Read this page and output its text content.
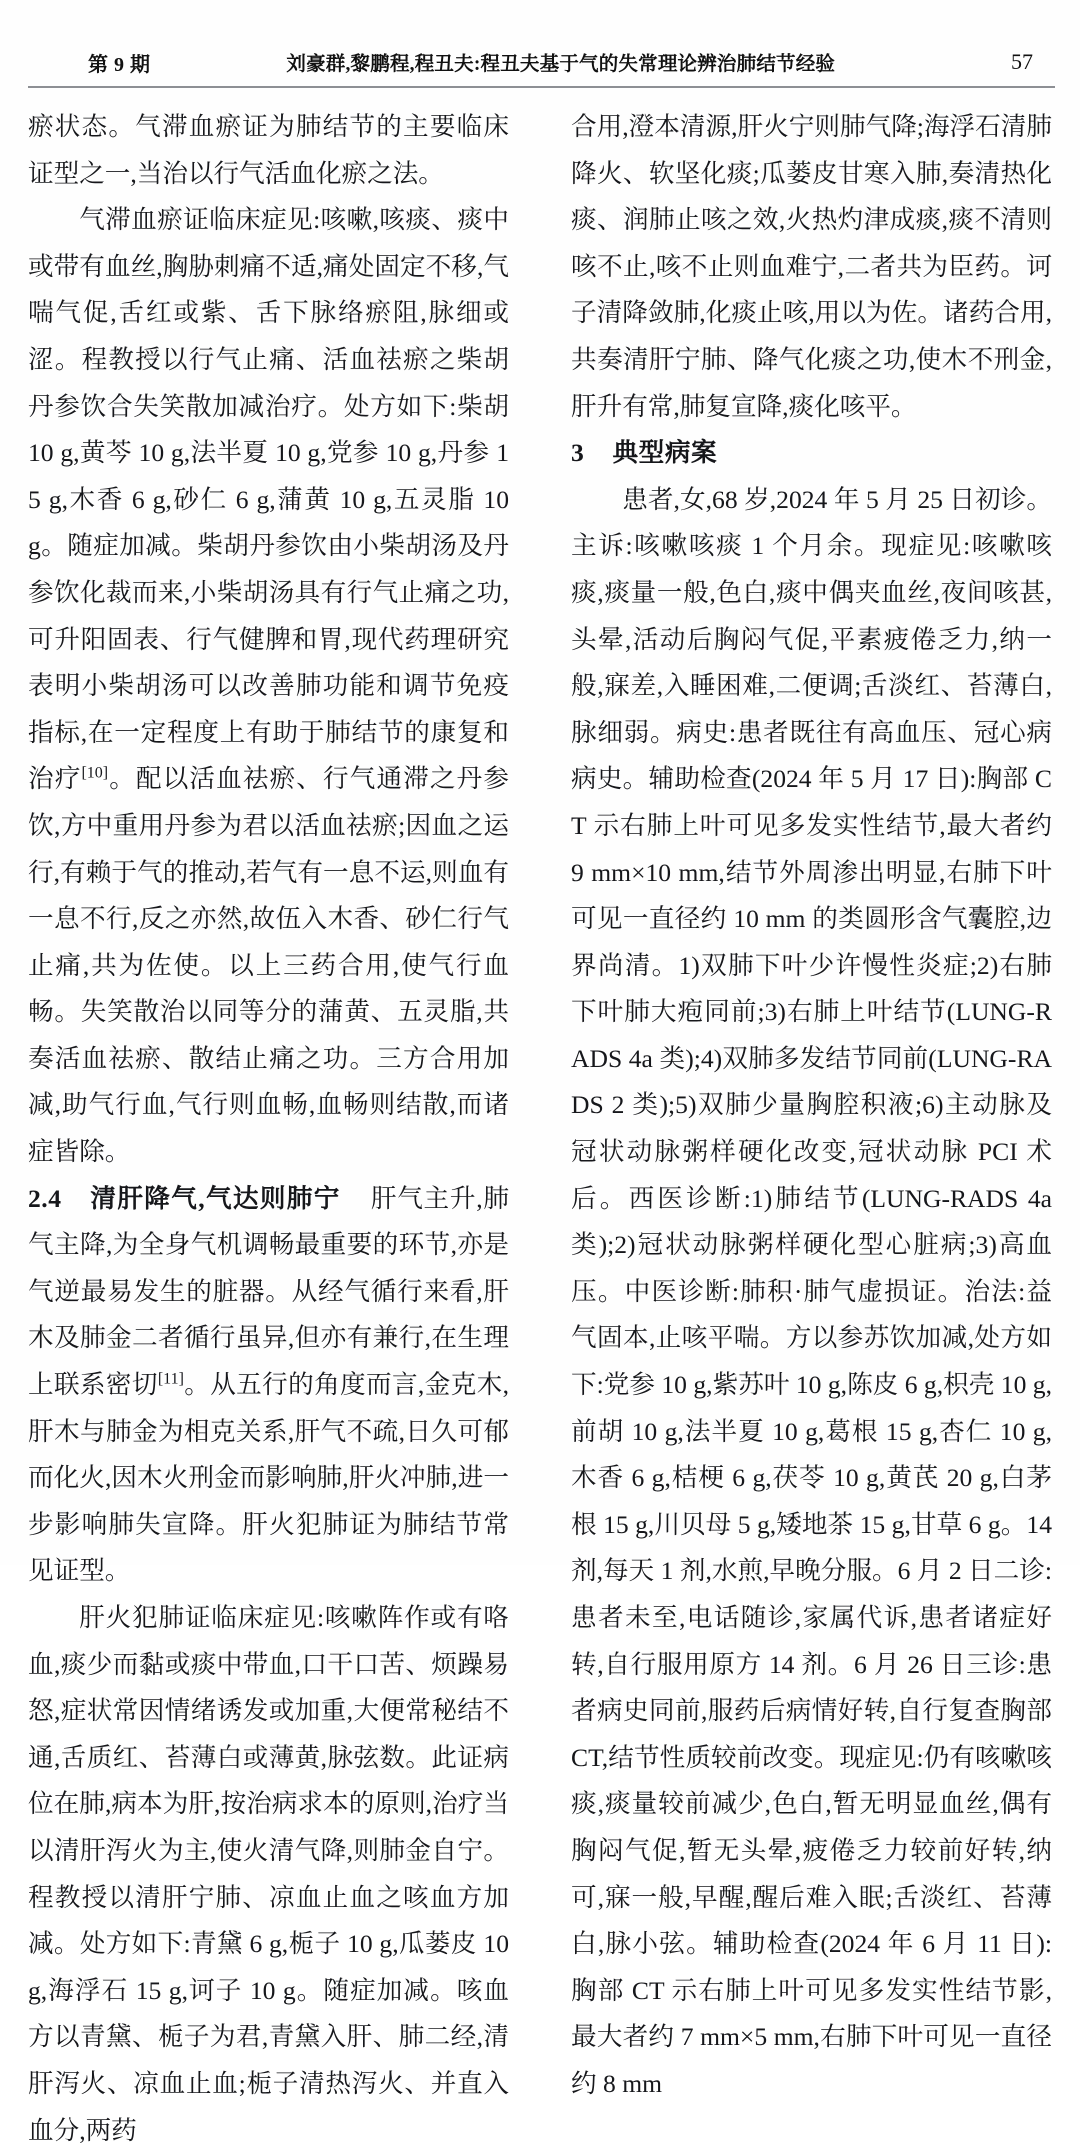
第 9 期	刘豪群,黎鹏程,程丑夫:程丑夫基于气的失常理论辨治肺结节经验	57

瘀状态。气滞血瘀证为肺结节的主要临床证型之一,当治以行气活血化瘀之法。

气滞血瘀证临床症见:咳嗽,咳痰、痰中或带有血丝,胸胁刺痛不适,痛处固定不移,气喘气促,舌红或紫、舌下脉络瘀阻,脉细或涩。程教授以行气止痛、活血祛瘀之柴胡丹参饮合失笑散加减治疗。处方如下:柴胡 10 g,黄芩 10 g,法半夏 10 g,党参 10 g,丹参 15 g,木香 6 g,砂仁 6 g,蒲黄 10 g,五灵脂 10 g。随症加减。柴胡丹参饮由小柴胡汤及丹参饮化裁而来,小柴胡汤具有行气止痛之功,可升阳固表、行气健脾和胃,现代药理研究表明小柴胡汤可以改善肺功能和调节免疫指标,在一定程度上有助于肺结节的康复和治疗[10]。配以活血祛瘀、行气通滞之丹参饮,方中重用丹参为君以活血祛瘀;因血之运行,有赖于气的推动,若气有一息不运,则血有一息不行,反之亦然,故伍入木香、砂仁行气止痛,共为佐使。以上三药合用,使气行血畅。失笑散治以同等分的蒲黄、五灵脂,共奏活血祛瘀、散结止痛之功。三方合用加减,助气行血,气行则血畅,血畅则结散,而诸症皆除。

2.4 清肝降气,气达则肺宁 肝气主升,肺气主降,为全身气机调畅最重要的环节,亦是气逆最易发生的脏器。从经气循行来看,肝木及肺金二者循行虽异,但亦有兼行,在生理上联系密切[11]。从五行的角度而言,金克木,肝木与肺金为相克关系,肝气不疏,日久可郁而化火,因木火刑金而影响肺,肝火冲肺,进一步影响肺失宣降。肝火犯肺证为肺结节常见证型。

肝火犯肺证临床症见:咳嗽阵作或有咯血,痰少而黏或痰中带血,口干口苦、烦躁易怒,症状常因情绪诱发或加重,大便常秘结不通,舌质红、苔薄白或薄黄,脉弦数。此证病位在肺,病本为肝,按治病求本的原则,治疗当以清肝泻火为主,使火清气降,则肺金自宁。程教授以清肝宁肺、凉血止血之咳血方加减。处方如下:青黛 6 g,栀子 10 g,瓜蒌皮 10 g,海浮石 15 g,诃子 10 g。随症加减。咳血方以青黛、栀子为君,青黛入肝、肺二经,清肝泻火、凉血止血;栀子清热泻火、并直入血分,两药

合用,澄本清源,肝火宁则肺气降;海浮石清肺降火、软坚化痰;瓜蒌皮甘寒入肺,奏清热化痰、润肺止咳之效,火热灼津成痰,痰不清则咳不止,咳不止则血难宁,二者共为臣药。诃子清降敛肺,化痰止咳,用以为佐。诸药合用,共奏清肝宁肺、降气化痰之功,使木不刑金,肝升有常,肺复宣降,痰化咳平。

3 典型病案

患者,女,68 岁,2024 年 5 月 25 日初诊。主诉:咳嗽咳痰 1 个月余。现症见:咳嗽咳痰,痰量一般,色白,痰中偶夹血丝,夜间咳甚,头晕,活动后胸闷气促,平素疲倦乏力,纳一般,寐差,入睡困难,二便调;舌淡红、苔薄白,脉细弱。病史:患者既往有高血压、冠心病病史。辅助检查(2024 年 5 月 17 日):胸部 CT 示右肺上叶可见多发实性结节,最大者约 9 mm×10 mm,结节外周渗出明显,右肺下叶可见一直径约 10 mm 的类圆形含气囊腔,边界尚清。1)双肺下叶少许慢性炎症;2)右肺下叶肺大疱同前;3)右肺上叶结节(LUNG-RADS 4a 类);4)双肺多发结节同前(LUNG-RADS 2 类);5)双肺少量胸腔积液;6)主动脉及冠状动脉粥样硬化改变,冠状动脉 PCI 术后。西医诊断:1)肺结节(LUNG-RADS 4a 类);2)冠状动脉粥样硬化型心脏病;3)高血压。中医诊断:肺积·肺气虚损证。治法:益气固本,止咳平喘。方以参苏饮加减,处方如下:党参 10 g,紫苏叶 10 g,陈皮 6 g,枳壳 10 g,前胡 10 g,法半夏 10 g,葛根 15 g,杏仁 10 g,木香 6 g,桔梗 6 g,茯苓 10 g,黄芪 20 g,白茅根 15 g,川贝母 5 g,矮地茶 15 g,甘草 6 g。14 剂,每天 1 剂,水煎,早晚分服。6 月 2 日二诊:患者未至,电话随诊,家属代诉,患者诸症好转,自行服用原方 14 剂。6 月 26 日三诊:患者病史同前,服药后病情好转,自行复查胸部 CT,结节性质较前改变。现症见:仍有咳嗽咳痰,痰量较前减少,色白,暂无明显血丝,偶有胸闷气促,暂无头晕,疲倦乏力较前好转,纳可,寐一般,早醒,醒后难入眠;舌淡红、苔薄白,脉小弦。辅助检查(2024 年 6 月 11 日):胸部 CT 示右肺上叶可见多发实性结节影,最大者约 7 mm×5 mm,右肺下叶可见一直径约 8 mm
